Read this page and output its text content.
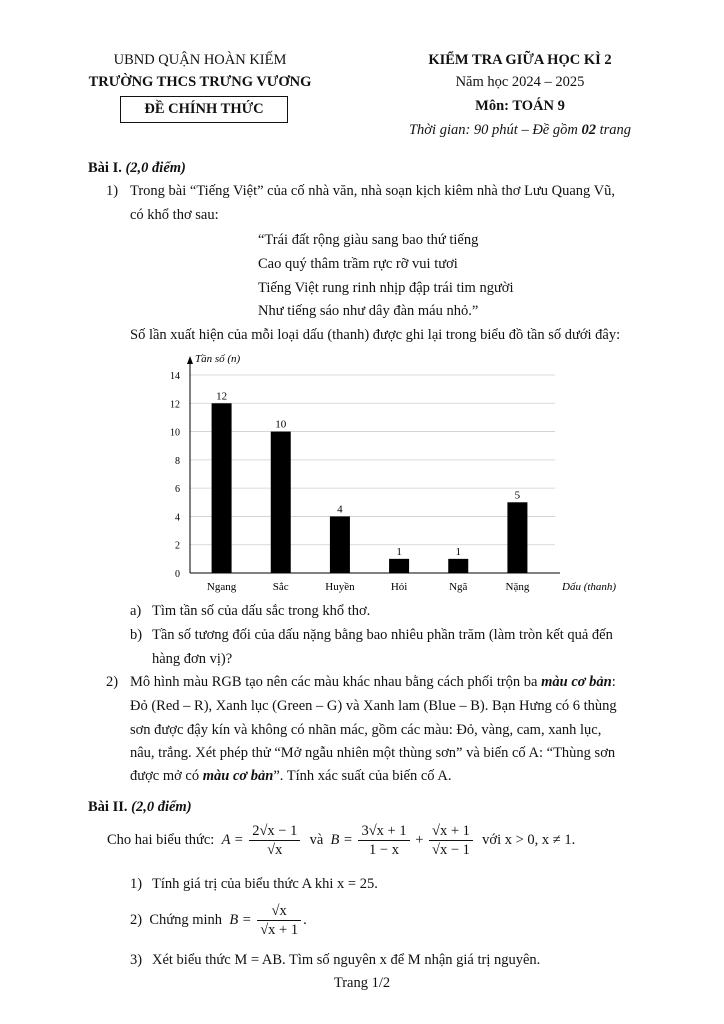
UBND QUẬN HOÀN KIẾM
TRƯỜNG THCS TRƯNG VƯƠNG
ĐỀ CHÍNH THỨC
KIỂM TRA GIỮA HỌC KÌ 2
Năm học 2024 – 2025
Môn: TOÁN 9
Thời gian: 90 phút – Đề gồm 02 trang
Bài I. (2,0 điểm)
1) Trong bài “Tiếng Việt” của cố nhà văn, nhà soạn kịch kiêm nhà thơ Lưu Quang Vũ,
có khổ thơ sau:
“Trái đất rộng giàu sang bao thứ tiếng
Cao quý thâm trầm rực rỡ vui tươi
Tiếng Việt rung rinh nhịp đập trái tim người
Như tiếng sáo như dây đàn máu nhỏ.”
Số lần xuất hiện của mỗi loại dấu (thanh) được ghi lại trong biểu đồ tần số dưới đây:
0
2
4
6
8
10
12
14
Tần số (n)
Dấu (thanh)
12
Ngang
10
Sắc
4
Huyền
1
Hỏi
1
Ngã
5
Nặng
a) Tìm tần số của dấu sắc trong khổ thơ.
b) Tần số tương đối của dấu nặng bằng bao nhiêu phần trăm (làm tròn kết quả đến
hàng đơn vị)?
2) Mô hình màu RGB tạo nên các màu khác nhau bằng cách phối trộn ba màu cơ bản:
Đỏ (Red – R), Xanh lục (Green – G) và Xanh lam (Blue – B). Bạn Hưng có 6 thùng
sơn được đậy kín và không có nhãn mác, gồm các màu: Đỏ, vàng, cam, xanh lục,
nâu, trắng. Xét phép thử “Mở ngẫu nhiên một thùng sơn” và biến cố A: “Thùng sơn
được mở có màu cơ bản”. Tính xác suất của biến cố A.
Bài II. (2,0 điểm)
Cho hai biểu thức: $A = \frac{2√x - 1}{√x}$ và $B = \frac{3√x + 1}{1 - x} + \frac{√x + 1}{√x - 1}$ với x > 0, x ≠ 1.
1) Tính giá trị của biểu thức A khi x = 25.
2) Chứng minh $B = \frac{√x}{√x + 1}$ .
3) Xét biểu thức M = AB. Tìm số nguyên x để M nhận giá trị nguyên.
Trang 1/2
